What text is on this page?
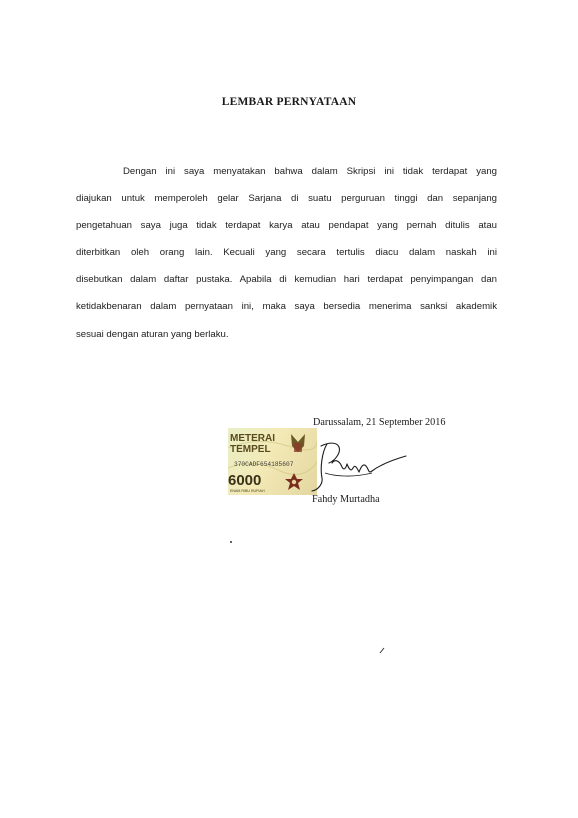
LEMBAR PERNYATAAN
Dengan ini saya menyatakan bahwa dalam Skripsi ini tidak terdapat yang
diajukan untuk memperoleh gelar Sarjana di suatu perguruan tinggi dan sepanjang
pengetahuan saya juga tidak terdapat karya atau pendapat yang pernah ditulis atau
diterbitkan oleh orang lain. Kecuali yang secara tertulis diacu dalam naskah ini
disebutkan dalam daftar pustaka. Apabila di kemudian hari terdapat penyimpangan dan
ketidakbenaran dalam pernyataan ini, maka saya bersedia menerima sanksi akademik
sesuai dengan aturan yang berlaku.
Darussalam, 21 September 2016
METERAI
TEMPEL
370CADF654185607
6000
ENAM RIBU RUPIAH
Fahdy Murtadha
